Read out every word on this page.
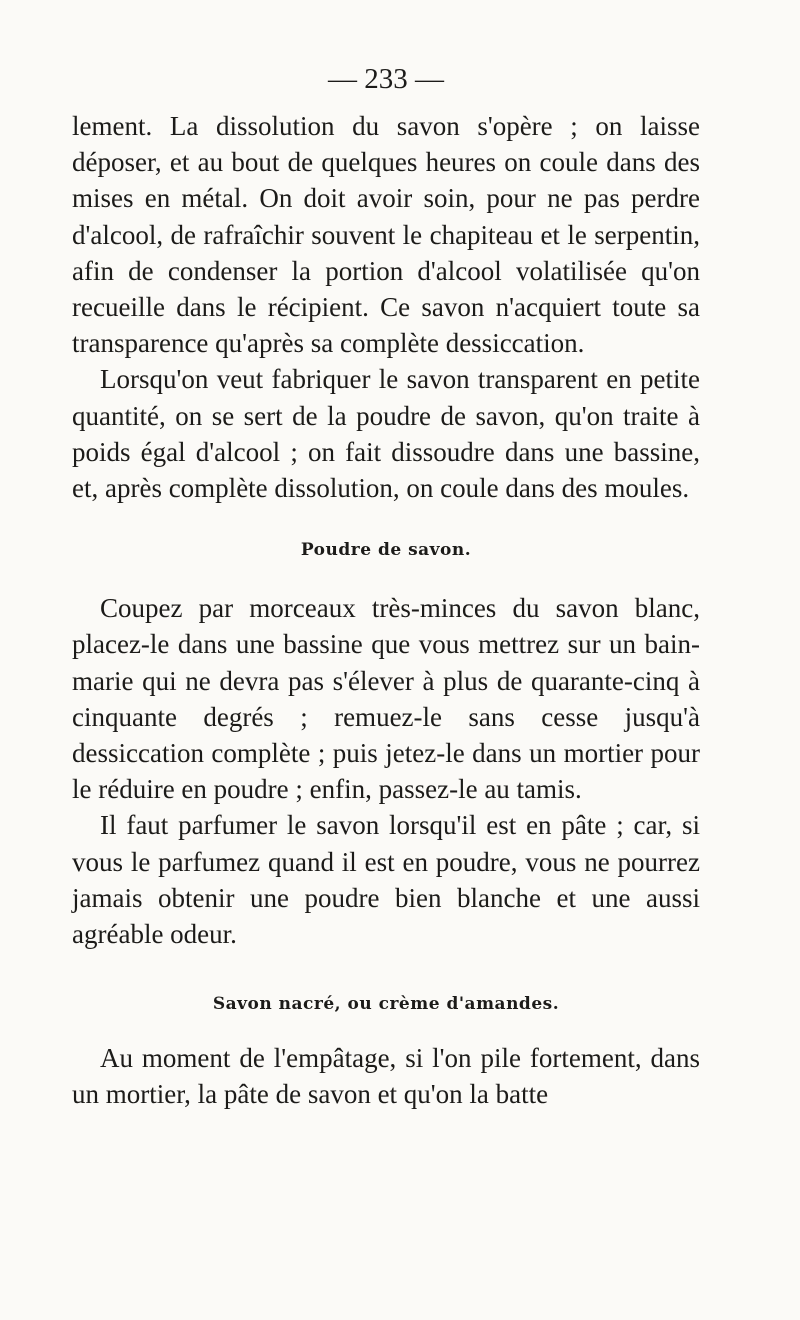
— 233 —

lement. La dissolution du savon s'opère ; on laisse déposer, et au bout de quelques heures on coule dans des mises en métal. On doit avoir soin, pour ne pas perdre d'alcool, de rafraîchir souvent le chapiteau et le serpentin, afin de condenser la portion d'alcool volatilisée qu'on recueille dans le récipient. Ce savon n'acquiert toute sa transparence qu'après sa complète dessiccation.

Lorsqu'on veut fabriquer le savon transparent en petite quantité, on se sert de la poudre de savon, qu'on traite à poids égal d'alcool ; on fait dissoudre dans une bassine, et, après complète dissolution, on coule dans des moules.

Poudre de savon.

Coupez par morceaux très-minces du savon blanc, placez-le dans une bassine que vous mettrez sur un bain-marie qui ne devra pas s'élever à plus de quarante-cinq à cinquante degrés ; remuez-le sans cesse jusqu'à dessiccation complète ; puis jetez-le dans un mortier pour le réduire en poudre ; enfin, passez-le au tamis.

Il faut parfumer le savon lorsqu'il est en pâte ; car, si vous le parfumez quand il est en poudre, vous ne pourrez jamais obtenir une poudre bien blanche et une aussi agréable odeur.

Savon nacré, ou crème d'amandes.

Au moment de l'empâtage, si l'on pile fortement, dans un mortier, la pâte de savon et qu'on la batte
